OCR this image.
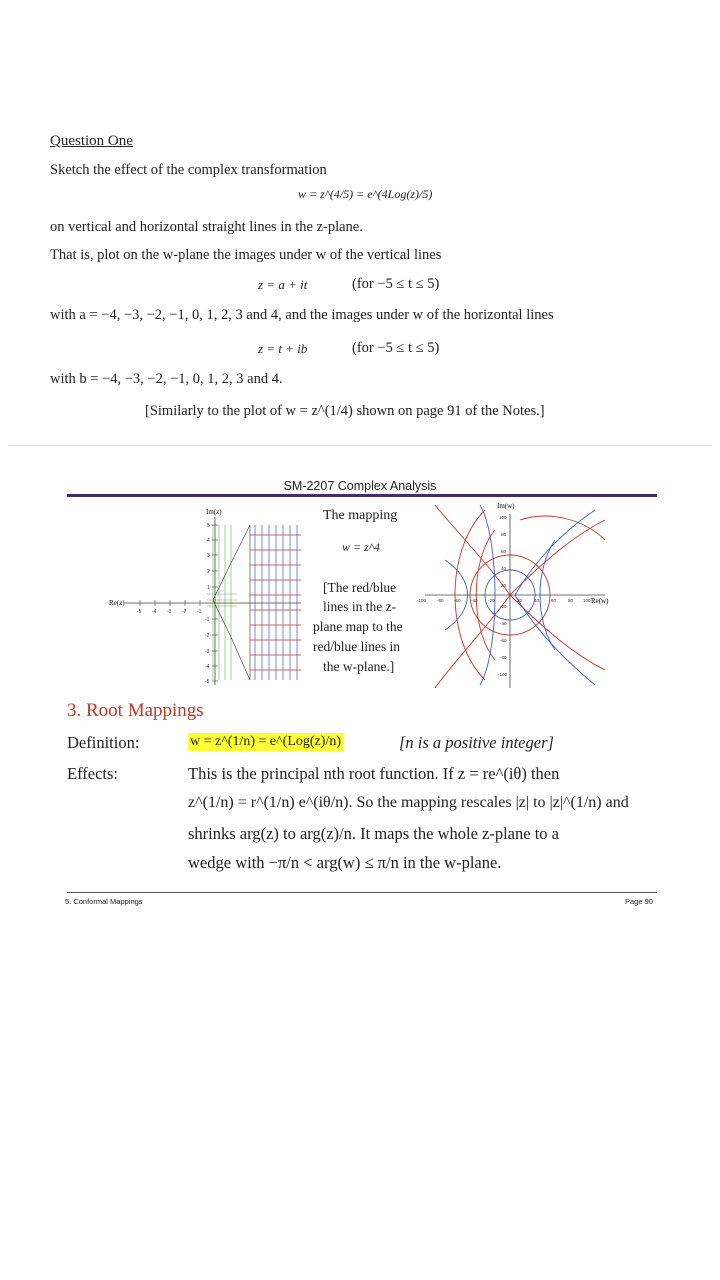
Question One
Sketch the effect of the complex transformation
w = z^(4/5) = e^(4Log(z)/5)
on vertical and horizontal straight lines in the z-plane.
That is, plot on the w-plane the images under w of the vertical lines
z = a + it	(for −5 ≤ t ≤ 5)
with a = −4, −3, −2, −1, 0, 1, 2, 3 and 4, and the images under w of the horizontal lines
z = t + ib	(for −5 ≤ t ≤ 5)
with b = −4, −3, −2, −1, 0, 1, 2, 3 and 4.
[Similarly to the plot of w = z^(1/4) shown on page 91 of the Notes.]
SM-2207 Complex Analysis
Im(z)
Re(z)
5
4
3
2
1
-1
-2
-3
-4
-5
-5 -4 -3 -2 -1
The mapping
w = z^4
[The red/blue
lines in the z-
plane map to the
red/blue lines in
the w-plane.]
Im(w)
Re(w)
100
80
60
40
20
-20
-40
-60
-80
-100
-100 -80 -60 -40 -20	20	40	60	80 100
3. Root Mappings
Definition:	w = z^(1/n) = e^(Log(z)/n)	[n is a positive integer]
Effects:	This is the principal nth root function. If z = re^(iθ) then
z^(1/n) = r^(1/n) e^(iθ/n). So the mapping rescales |z| to |z|^(1/n) and
shrinks arg(z) to arg(z)/n. It maps the whole z-plane to a
wedge with −π/n < arg(w) ≤ π/n in the w-plane.
5. Conformal Mappings	Page 90
